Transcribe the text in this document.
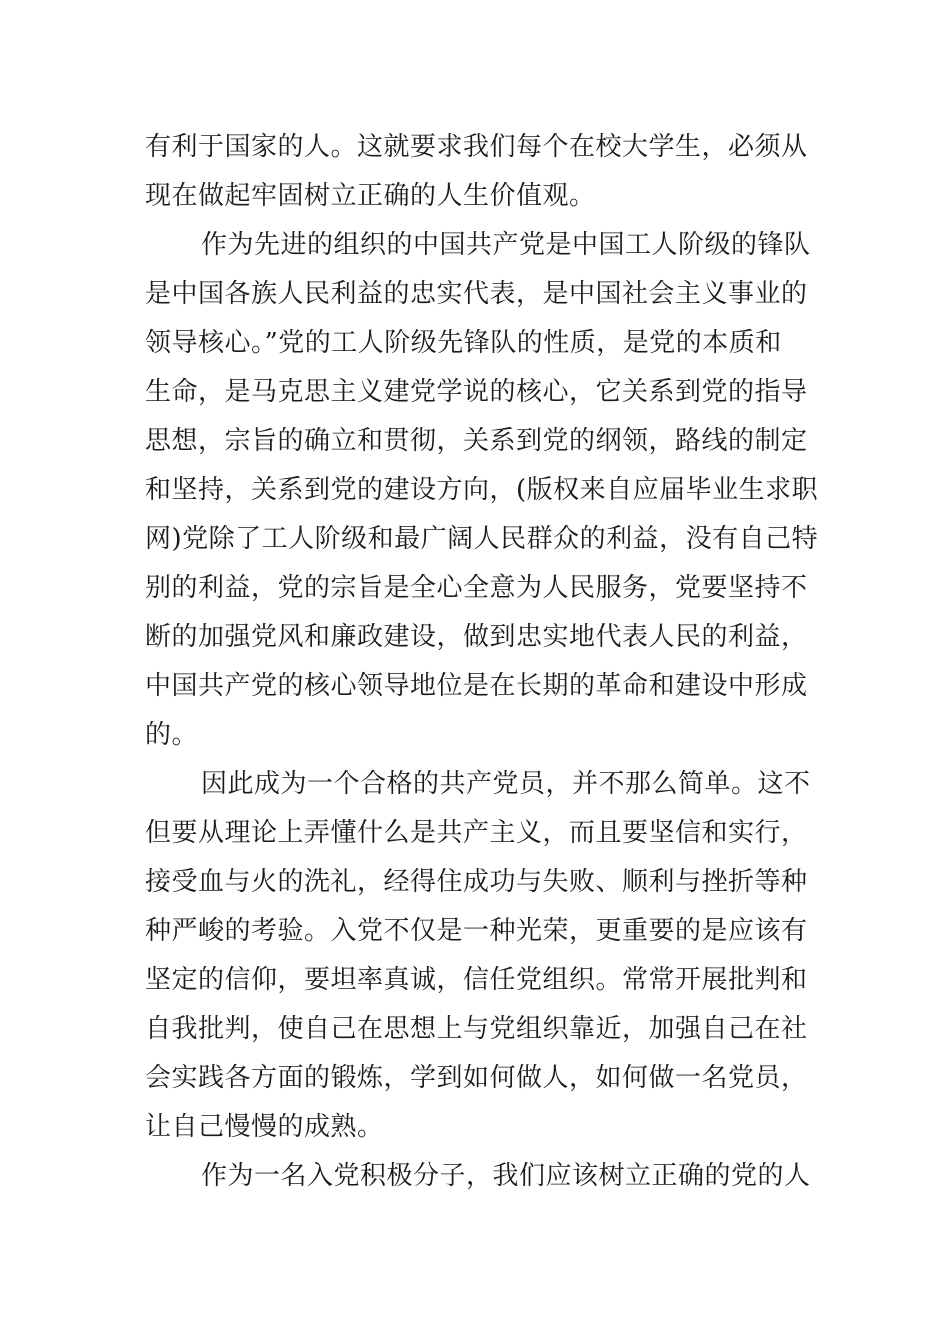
有利于国家的人。这就要求我们每个在校大学生，必须从
现在做起牢固树立正确的人生价值观。
作为先进的组织的中国共产党是中国工人阶级的锋队
是中国各族人民利益的忠实代表，是中国社会主义事业的
领导核心。”党的工人阶级先锋队的性质，是党的本质和
生命，是马克思主义建党学说的核心，它关系到党的指导
思想，宗旨的确立和贯彻，关系到党的纲领，路线的制定
和坚持，关系到党的建设方向，(版权来自应届毕业生求职
网)党除了工人阶级和最广阔人民群众的利益，没有自己特
别的利益，党的宗旨是全心全意为人民服务，党要坚持不
断的加强党风和廉政建设，做到忠实地代表人民的利益，
中国共产党的核心领导地位是在长期的革命和建设中形成
的。
因此成为一个合格的共产党员，并不那么简单。这不
但要从理论上弄懂什么是共产主义，而且要坚信和实行，
接受血与火的洗礼，经得住成功与失败、顺利与挫折等种
种严峻的考验。入党不仅是一种光荣，更重要的是应该有
坚定的信仰，要坦率真诚，信任党组织。常常开展批判和
自我批判，使自己在思想上与党组织靠近，加强自己在社
会实践各方面的锻炼，学到如何做人，如何做一名党员，
让自己慢慢的成熟。
作为一名入党积极分子，我们应该树立正确的党的人
